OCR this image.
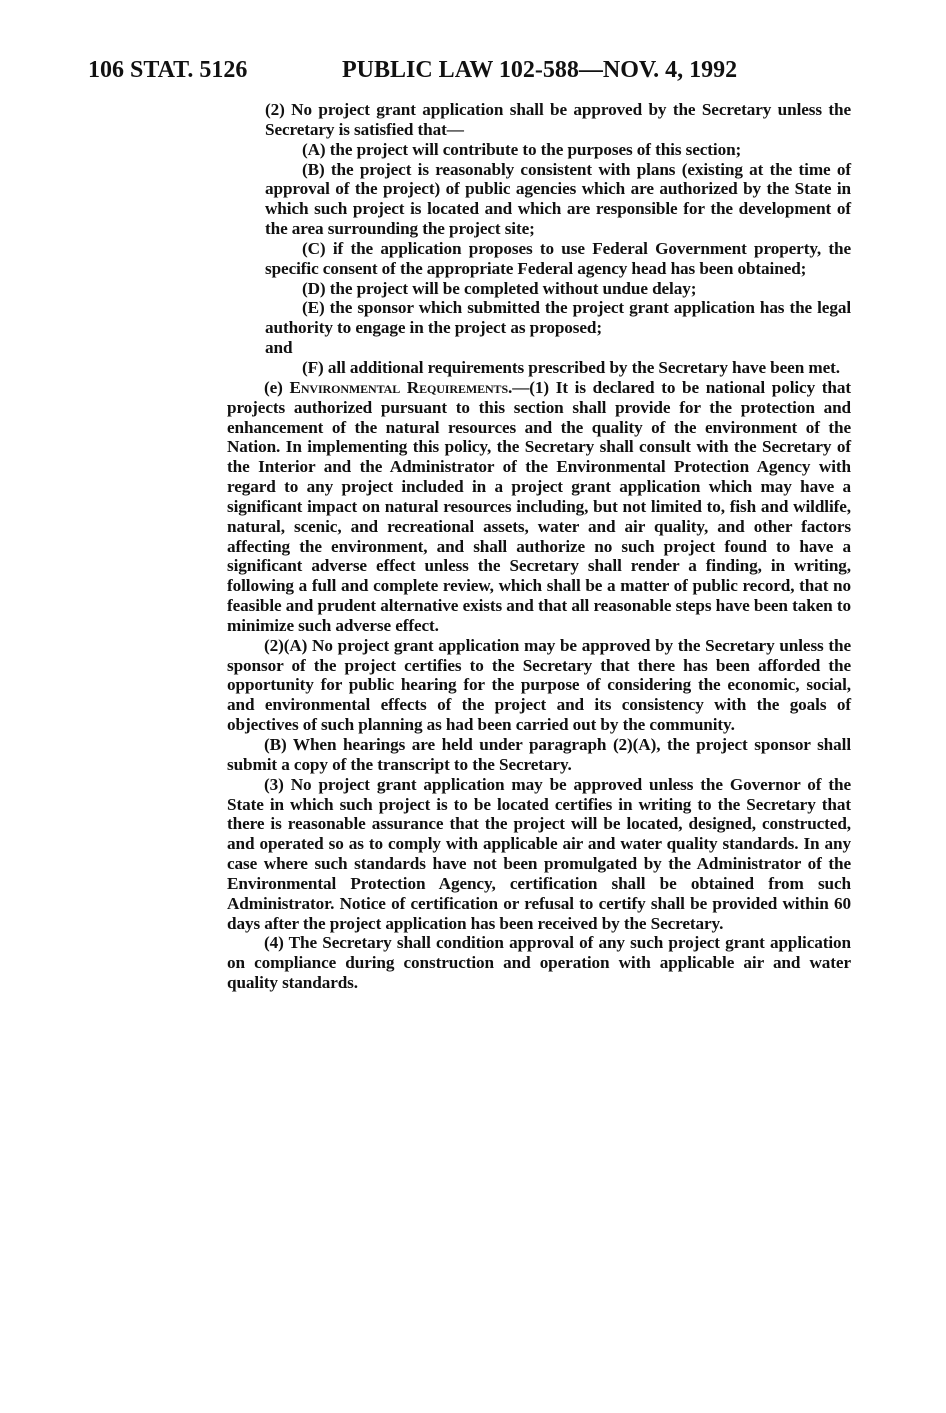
106 STAT. 5126	PUBLIC LAW 102-588—NOV. 4, 1992

(2) No project grant application shall be approved by the Secretary unless the Secretary is satisfied that—

(A) the project will contribute to the purposes of this section;

(B) the project is reasonably consistent with plans (existing at the time of approval of the project) of public agencies which are authorized by the State in which such project is located and which are responsible for the development of the area surrounding the project site;

(C) if the application proposes to use Federal Government property, the specific consent of the appropriate Federal agency head has been obtained;

(D) the project will be completed without undue delay;

(E) the sponsor which submitted the project grant application has the legal authority to engage in the project as proposed;

and

(F) all additional requirements prescribed by the Secretary have been met.

(e) Environmental Requirements.—(1) It is declared to be national policy that projects authorized pursuant to this section shall provide for the protection and enhancement of the natural resources and the quality of the environment of the Nation. In implementing this policy, the Secretary shall consult with the Secretary of the Interior and the Administrator of the Environmental Protection Agency with regard to any project included in a project grant application which may have a significant impact on natural resources including, but not limited to, fish and wildlife, natural, scenic, and recreational assets, water and air quality, and other factors affecting the environment, and shall authorize no such project found to have a significant adverse effect unless the Secretary shall render a finding, in writing, following a full and complete review, which shall be a matter of public record, that no feasible and prudent alternative exists and that all reasonable steps have been taken to minimize such adverse effect.

(2)(A) No project grant application may be approved by the Secretary unless the sponsor of the project certifies to the Secretary that there has been afforded the opportunity for public hearing for the purpose of considering the economic, social, and environmental effects of the project and its consistency with the goals of objectives of such planning as had been carried out by the community.

(B) When hearings are held under paragraph (2)(A), the project sponsor shall submit a copy of the transcript to the Secretary.

(3) No project grant application may be approved unless the Governor of the State in which such project is to be located certifies in writing to the Secretary that there is reasonable assurance that the project will be located, designed, constructed, and operated so as to comply with applicable air and water quality standards. In any case where such standards have not been promulgated by the Administrator of the Environmental Protection Agency, certification shall be obtained from such Administrator. Notice of certification or refusal to certify shall be provided within 60 days after the project application has been received by the Secretary.

(4) The Secretary shall condition approval of any such project grant application on compliance during construction and operation with applicable air and water quality standards.
